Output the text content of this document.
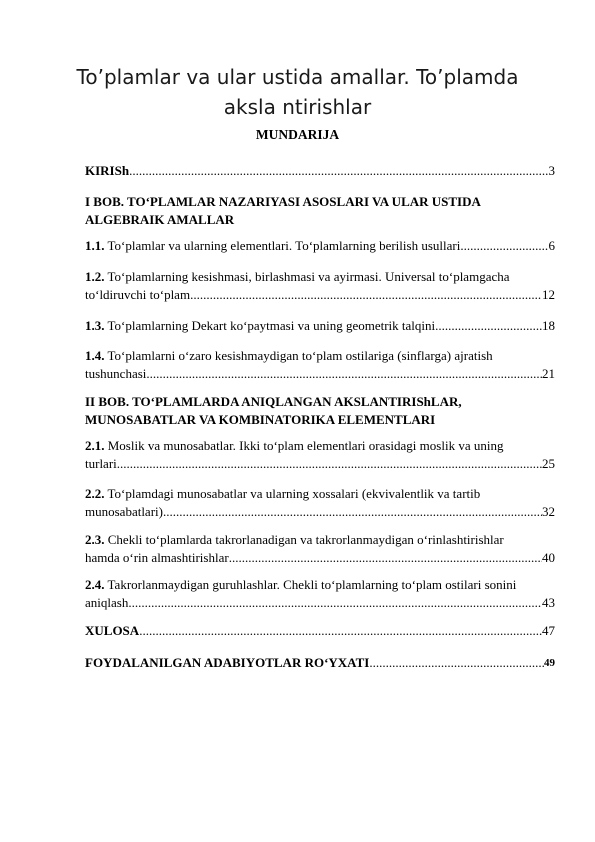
To’plamlar va ular ustida amallar. To’plamda aksla ntirishlar
MUNDARIJA
KIRISh .....	3
I BOB. TO‘PLAMLAR NAZARIYASI ASOSLARI VA ULAR USTIDA ALGEBRAIK AMALLAR
1.1. To‘plamlar va ularning elementlari. To‘plamlarning berilish usullari .....	6
1.2. To‘plamlarning kesishmasi, birlashmasi va ayirmasi. Universal to‘plamgacha
to‘ldiruvchi to‘plam .....	12
1.3. To‘plamlarning Dekart ko‘paytmasi va uning geometrik talqini .....	18
1.4. To‘plamlarni o‘zaro kesishmaydigan to‘plam ostilariga (sinflarga) ajratish
tushunchasi .....	21
II BOB. TO‘PLAMLARDA ANIQLANGAN AKSLANTIRIShLAR,
MUNOSABATLAR VA KOMBINATORIKA ELEMENTLARI
2.1. Moslik va munosabatlar. Ikki to‘plam elementlari orasidagi moslik va uning
turlari .....	25
2.2. To‘plamdagi munosabatlar va ularning xossalari (ekvivalentlik va tartib
munosabatlari) .....	32
2.3. Chekli to‘plamlarda takrorlanadigan va takrorlanmaydigan o‘rinlashtirishlar
hamda o‘rin almashtirishlar .....	40
2.4. Takrorlanmaydigan guruhlashlar. Chekli to‘plamlarning to‘plam ostilari sonini
aniqlash .....	43
XULOSA .....	47
FOYDALANILGAN ADABIYOTLAR RO‘YXATI .....	49
